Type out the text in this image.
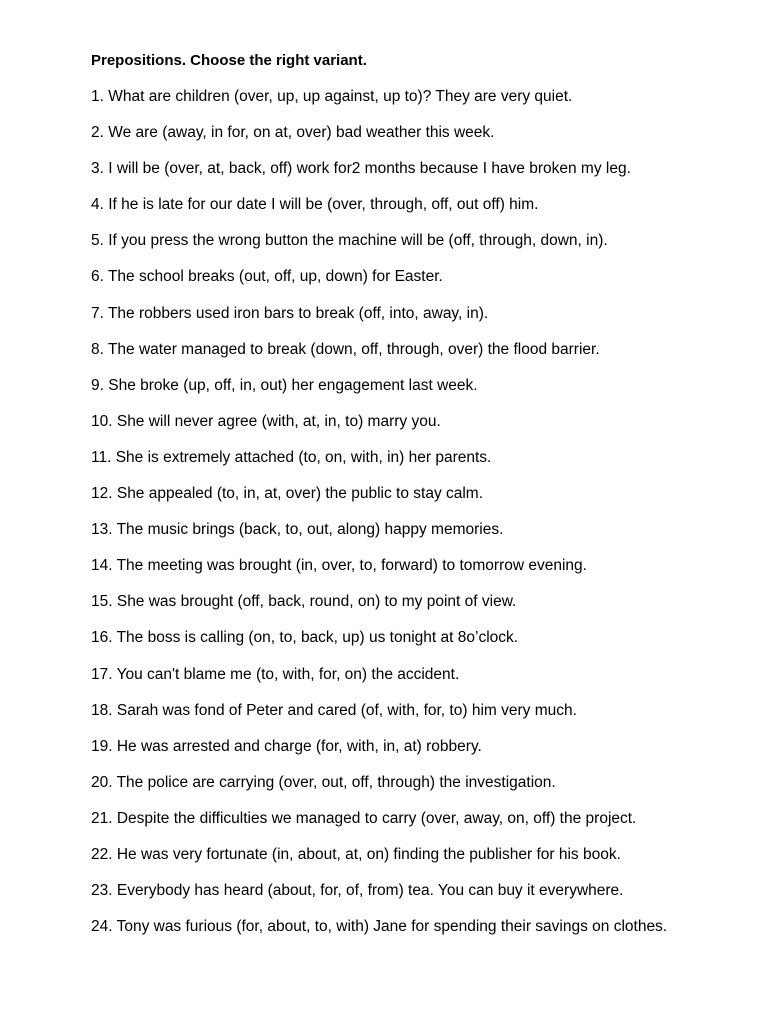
Prepositions. Choose the right variant.
1. What are children (over, up, up against, up to)? They are very quiet.
2. We are (away, in for, on at, over) bad weather this week.
3. I will be (over, at, back, off) work for2 months because I have broken my leg.
4. If he is late for our date I will be (over, through, off, out off) him.
5. If you press the wrong button the machine will be (off, through, down, in).
6. The school breaks (out, off, up, down) for Easter.
7. The robbers used iron bars to break (off, into, away, in).
8. The water managed to break (down, off, through, over) the flood barrier.
9. She broke (up, off, in, out) her engagement last week.
10. She will never agree (with, at, in, to) marry you.
11. She is extremely attached (to, on, with, in) her parents.
12. She appealed (to, in, at, over) the public to stay calm.
13. The music brings (back, to, out, along) happy memories.
14. The meeting was brought (in, over, to, forward) to tomorrow evening.
15. She was brought (off, back, round, on) to my point of view.
16. The boss is calling (on, to, back, up) us tonight at 8o’clock.
17. You can't blame me (to, with, for, on) the accident.
18. Sarah was fond of Peter and cared (of, with, for, to) him very much.
19. He was arrested and charge (for, with, in, at) robbery.
20. The police are carrying (over, out, off, through) the investigation.
21. Despite the difficulties we managed to carry (over, away, on, off) the project.
22. He was very fortunate (in, about, at, on) finding the publisher for his book.
23. Everybody has heard (about, for, of, from) tea. You can buy it everywhere.
24. Tony was furious (for, about, to, with) Jane for spending their savings on clothes.
